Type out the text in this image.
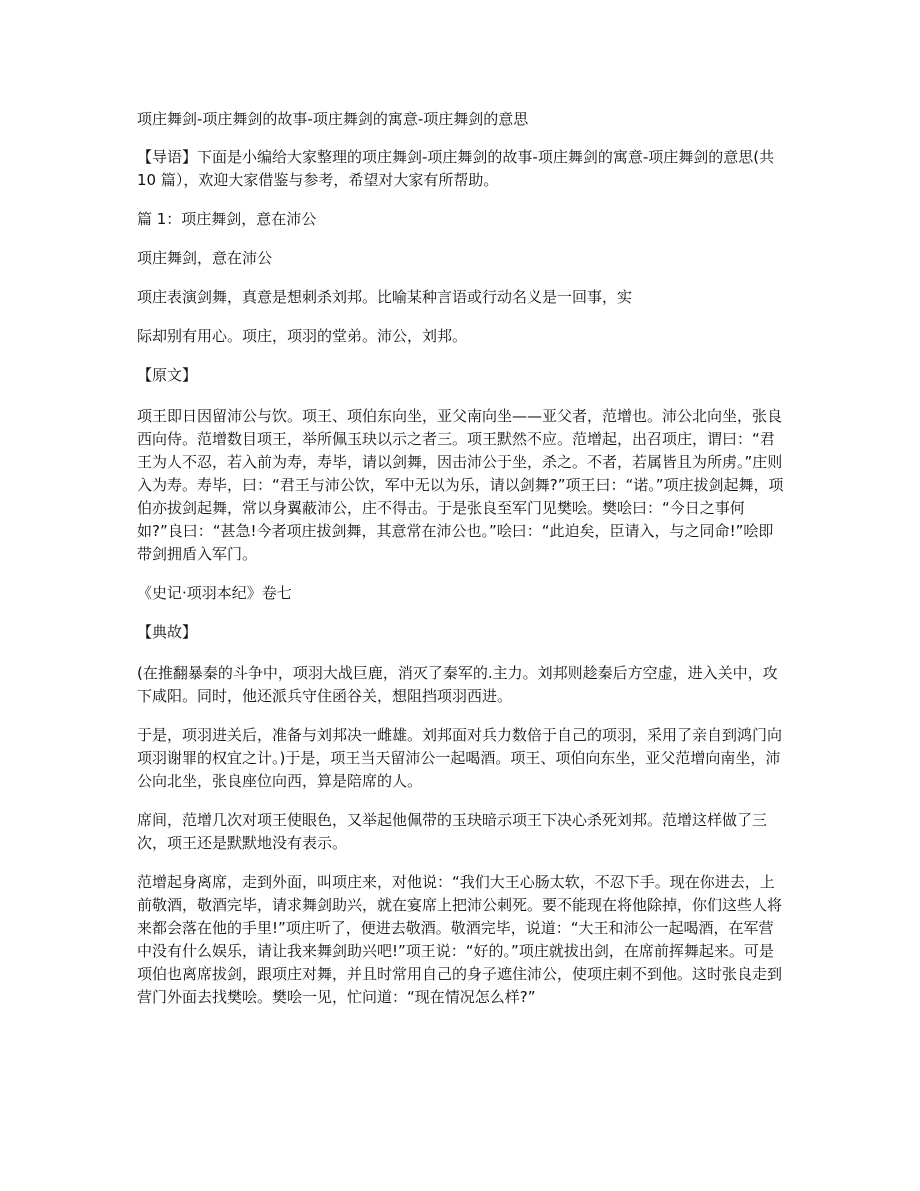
项庄舞剑-项庄舞剑的故事-项庄舞剑的寓意-项庄舞剑的意思

【导语】下面是小编给大家整理的项庄舞剑-项庄舞剑的故事-项庄舞剑的寓意-项庄舞剑的意思(共 10 篇），欢迎大家借鉴与参考，希望对大家有所帮助。

篇 1：项庄舞剑，意在沛公

项庄舞剑，意在沛公

项庄表演剑舞，真意是想刺杀刘邦。比喻某种言语或行动名义是一回事，实

际却别有用心。项庄，项羽的堂弟。沛公，刘邦。

【原文】

项王即日因留沛公与饮。项王、项伯东向坐，亚父南向坐——亚父者，范增也。沛公北向坐，张良西向侍。范增数目项王，举所佩玉玦以示之者三。项王默然不应。范增起，出召项庄，谓曰：“君王为人不忍，若入前为寿，寿毕，请以剑舞，因击沛公于坐，杀之。不者，若属皆且为所虏。”庄则入为寿。寿毕，曰：“君王与沛公饮，军中无以为乐，请以剑舞?”项王曰：“诺。”项庄拔剑起舞，项伯亦拔剑起舞，常以身翼蔽沛公，庄不得击。于是张良至军门见樊哙。樊哙曰：“今日之事何如?”良曰：“甚急!今者项庄拔剑舞，其意常在沛公也。”哙曰：“此迫矣，臣请入，与之同命!”哙即带剑拥盾入军门。

《史记·项羽本纪》卷七

【典故】

(在推翻暴秦的斗争中，项羽大战巨鹿，消灭了秦军的.主力。刘邦则趁秦后方空虚，进入关中，攻下咸阳。同时，他还派兵守住函谷关，想阻挡项羽西进。

于是，项羽进关后，准备与刘邦决一雌雄。刘邦面对兵力数倍于自己的项羽，采用了亲自到鸿门向项羽谢罪的权宜之计。)于是，项王当天留沛公一起喝酒。项王、项伯向东坐，亚父范增向南坐，沛公向北坐，张良座位向西，算是陪席的人。

席间，范增几次对项王使眼色，又举起他佩带的玉玦暗示项王下决心杀死刘邦。范增这样做了三次，项王还是默默地没有表示。

范增起身离席，走到外面，叫项庄来，对他说：“我们大王心肠太软，不忍下手。现在你进去，上前敬酒，敬酒完毕，请求舞剑助兴，就在宴席上把沛公刺死。要不能现在将他除掉，你们这些人将来都会落在他的手里!”项庄听了，便进去敬酒。敬酒完毕，说道：“大王和沛公一起喝酒，在军营中没有什么娱乐，请让我来舞剑助兴吧!”项王说：“好的。”项庄就拔出剑，在席前挥舞起来。可是项伯也离席拔剑，跟项庄对舞，并且时常用自己的身子遮住沛公，使项庄刺不到他。这时张良走到营门外面去找樊哙。樊哙一见，忙问道：“现在情况怎么样?”
